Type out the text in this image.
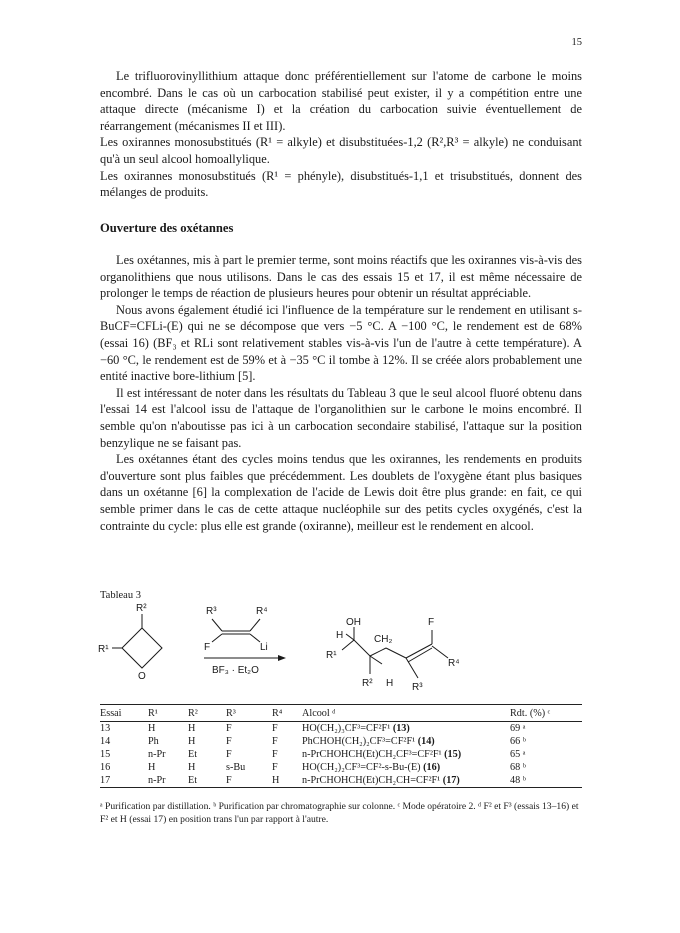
15

Le trifluorovinyllithium attaque donc préférentiellement sur l'atome de carbone le moins encombré. Dans le cas où un carbocation stabilisé peut exister, il y a compétition entre une attaque directe (mécanisme I) et la création du carbocation suivie éventuellement de réarrangement (mécanismes II et III).

Les oxirannes monosubstitués (R¹ = alkyle) et disubstituées-1,2 (R²,R³ = alkyle) ne conduisant qu'à un seul alcool homoallylique.

Les oxirannes monosubstitués (R¹ = phényle), disubstitués-1,1 et trisubstitués, donnent des mélanges de produits.

Ouverture des oxétannes

Les oxétannes, mis à part le premier terme, sont moins réactifs que les oxirannes vis-à-vis des organolithiens que nous utilisons. Dans le cas des essais 15 et 17, il est même nécessaire de prolonger le temps de réaction de plusieurs heures pour obtenir un résultat appréciable.

Nous avons également étudié ici l'influence de la température sur le rendement en utilisant s-BuCF=CFLi-(E) qui ne se décompose que vers −5 °C. A −100 °C, le rendement est de 68% (essai 16) (BF₃ et RLi sont relativement stables vis-à-vis l'un de l'autre à cette température). A −60 °C, le rendement est de 59% et à −35 °C il tombe à 12%. Il se créée alors probablement une entité inactive bore-lithium [5].

Il est intéressant de noter dans les résultats du Tableau 3 que le seul alcool fluoré obtenu dans l'essai 14 est l'alcool issu de l'attaque de l'organolithien sur le carbone le moins encombré. Il semble qu'on n'aboutisse pas ici à un carbocation secondaire stabilisé, l'attaque sur la position benzylique ne se faisant pas.

Les oxétannes étant des cycles moins tendus que les oxirannes, les rendements en produits d'ouverture sont plus faibles que précédemment. Les doublets de l'oxygène étant plus basiques dans un oxétanne [6] la complexation de l'acide de Lewis doit être plus grande: en fait, ce qui semble primer dans le cas de cette attaque nucléophile sur des petits cycles oxygénés, c'est la contrainte du cycle: plus elle est grande (oxiranne), meilleur est le rendement en alcool.

Tableau 3
R²
R¹
O
R³	R⁴
F	Li
BF₃ · Et₂O
OH
H
F
CH₂
R¹
R⁴
R² H R³
Essai	R¹	R²	R³	R⁴	Alcool ᵈ	Rdt. (%) ᶜ
13	H	H	F	F	HO(CH₂)₃CF³=CF²F¹ (13)	69 ᵃ
14	Ph	H	F	F	PhCHOH(CH₂)₂CF³=CF²F¹ (14)	66 ᵇ
15	n-Pr	Et	F	F	n-PrCHOHCH(Et)CH₂CF³=CF²F¹ (15)	65 ᵃ
16	H	H	s-Bu	F	HO(CH₂)₂CF³=CF²-s-Bu-(E) (16)	68 ᵇ
17	n-Pr	Et	F	H	n-PrCHOHCH(Et)CH₂CH=CF²F¹ (17)	48 ᵇ
ᵃ Purification par distillation. ᵇ Purification par chromatographie sur colonne. ᶜ Mode opératoire 2. ᵈ F² et F³ (essais 13–16) et F² et H (essai 17) en position trans l'un par rapport à l'autre.
